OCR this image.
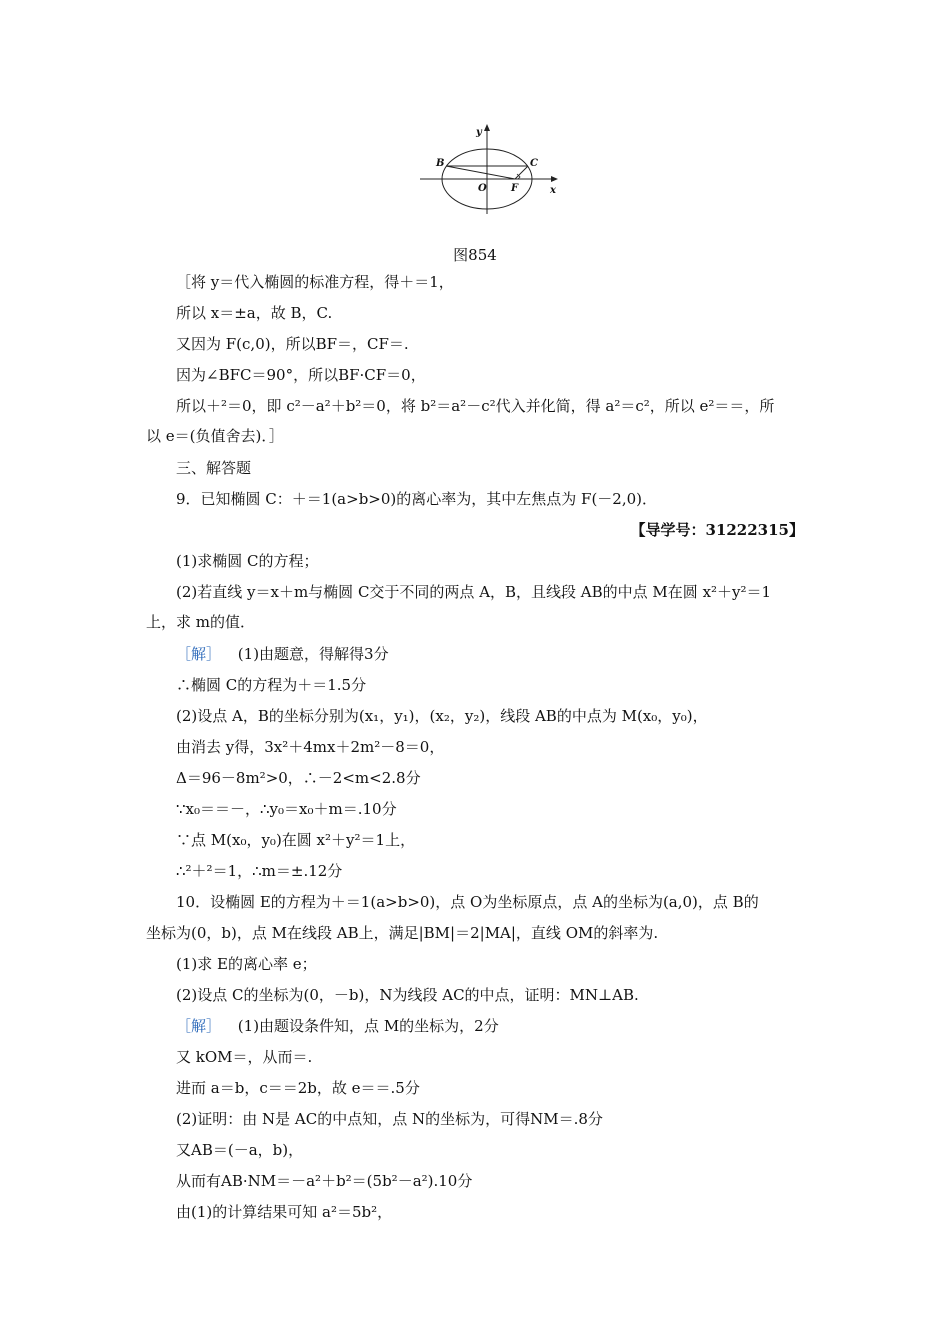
y
x
B	C
O F
图854
［将 y＝代入椭圆的标准方程，得＋＝1，
所以 x＝±a，故 B，C.
又因为 F(c,0)，所以BF＝，CF＝.
因为∠BFC＝90°，所以BF·CF＝0，
所以＋²＝0，即 c²－a²＋b²＝0，将 b²＝a²－c²代入并化简，得 a²＝c²，所以 e²＝＝，所
以 e＝(负值舍去)．］
三、解答题
9．已知椭圆 C：＋＝1(a>b>0)的离心率为，其中左焦点为 F(－2,0)．
【导学号：31222315】
(1)求椭圆 C的方程；
(2)若直线 y＝x＋m与椭圆 C交于不同的两点 A，B，且线段 AB的中点 M在圆 x²＋y²＝1
上，求 m的值．
［解］ (1)由题意，得解得3分
∴椭圆 C的方程为＋＝1.5分
(2)设点 A，B的坐标分别为(x₁，y₁)，(x₂，y₂)，线段 AB的中点为 M(x₀，y₀)，
由消去 y得，3x²＋4mx＋2m²－8＝0，
Δ＝96－8m²>0，∴－2<m<2.8分
∵x₀＝＝－，∴y₀＝x₀＋m＝.10分
∵点 M(x₀，y₀)在圆 x²＋y²＝1上，
∴²＋²＝1，∴m＝±.12分
10．设椭圆 E的方程为＋＝1(a>b>0)，点 O为坐标原点，点 A的坐标为(a,0)，点 B的
坐标为(0，b)，点 M在线段 AB上，满足|BM|＝2|MA|，直线 OM的斜率为.
(1)求 E的离心率 e；
(2)设点 C的坐标为(0，－b)，N为线段 AC的中点，证明：MN⊥AB.
［解］ (1)由题设条件知，点 M的坐标为，2分
又 kOM＝，从而＝.
进而 a＝b，c＝＝2b，故 e＝＝.5分
(2)证明：由 N是 AC的中点知，点 N的坐标为，可得NM＝.8分
又AB＝(－a，b)，
从而有AB·NM＝－a²＋b²＝(5b²－a²).10分
由(1)的计算结果可知 a²＝5b²，
